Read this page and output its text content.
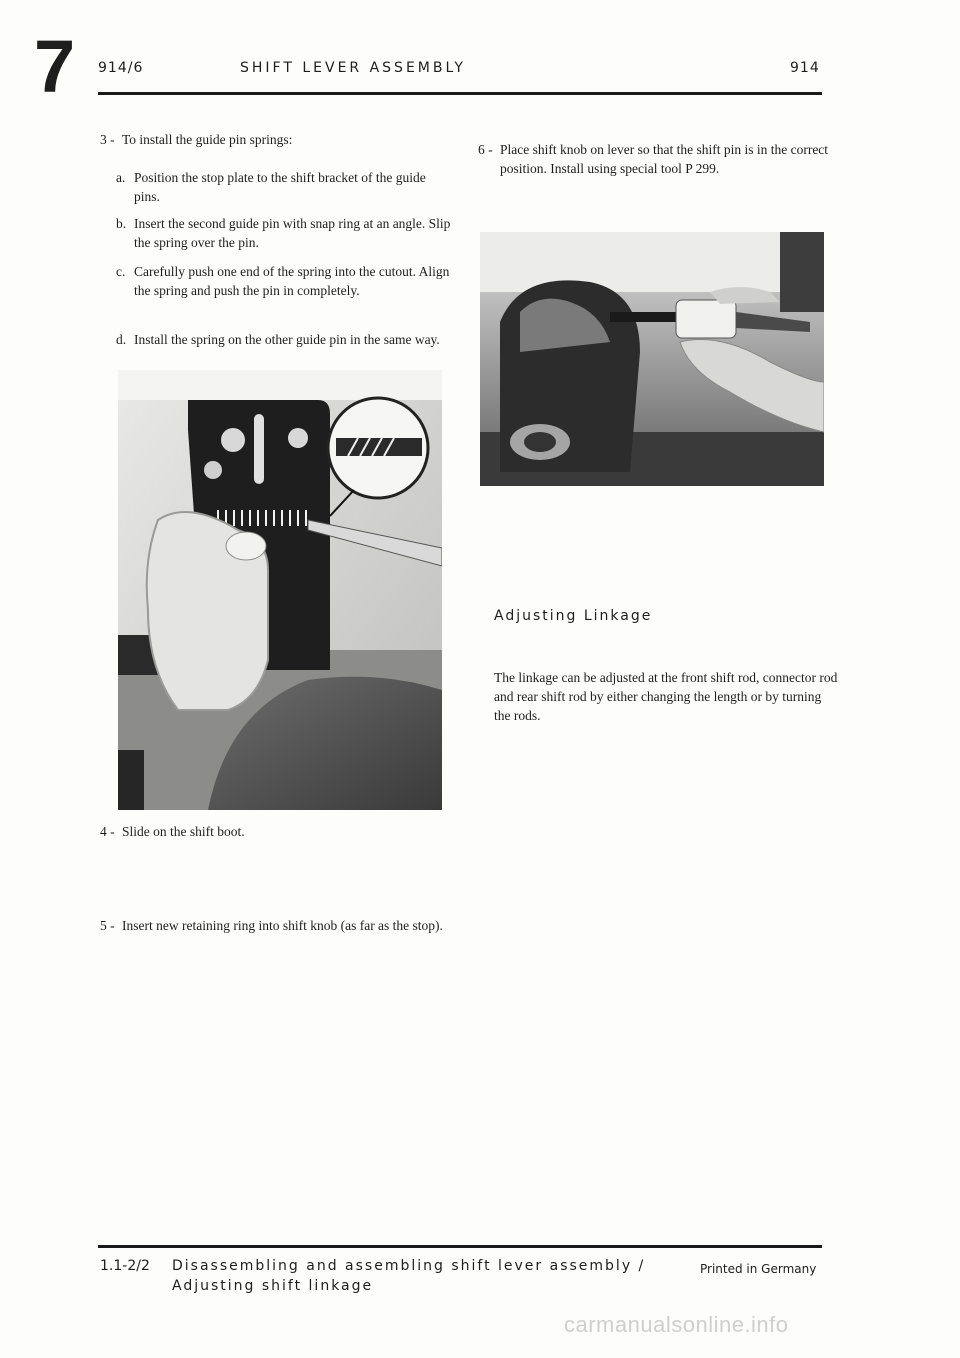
7 914/6	SHIFT LEVER ASSEMBLY	914
3 - To install the guide pin springs:
a. Position the stop plate to the shift bracket of the guide pins.
b. Insert the second guide pin with snap ring at an angle. Slip the spring over the pin.
c. Carefully push one end of the spring into the cutout. Align the spring and push the pin in completely.
d. Install the spring on the other guide pin in the same way.
4 - Slide on the shift boot.
5 - Insert new retaining ring into shift knob (as far as the stop).
6 - Place shift knob on lever so that the shift pin is in the correct position. Install using special tool P 299.
Adjusting Linkage
The linkage can be adjusted at the front shift rod, connector rod and rear shift rod by either changing the length or by turning the rods.
1.1-2/2 Disassembling and assembling shift lever assembly /
Adjusting shift linkage
Printed in Germany
carmanualsonline.info
